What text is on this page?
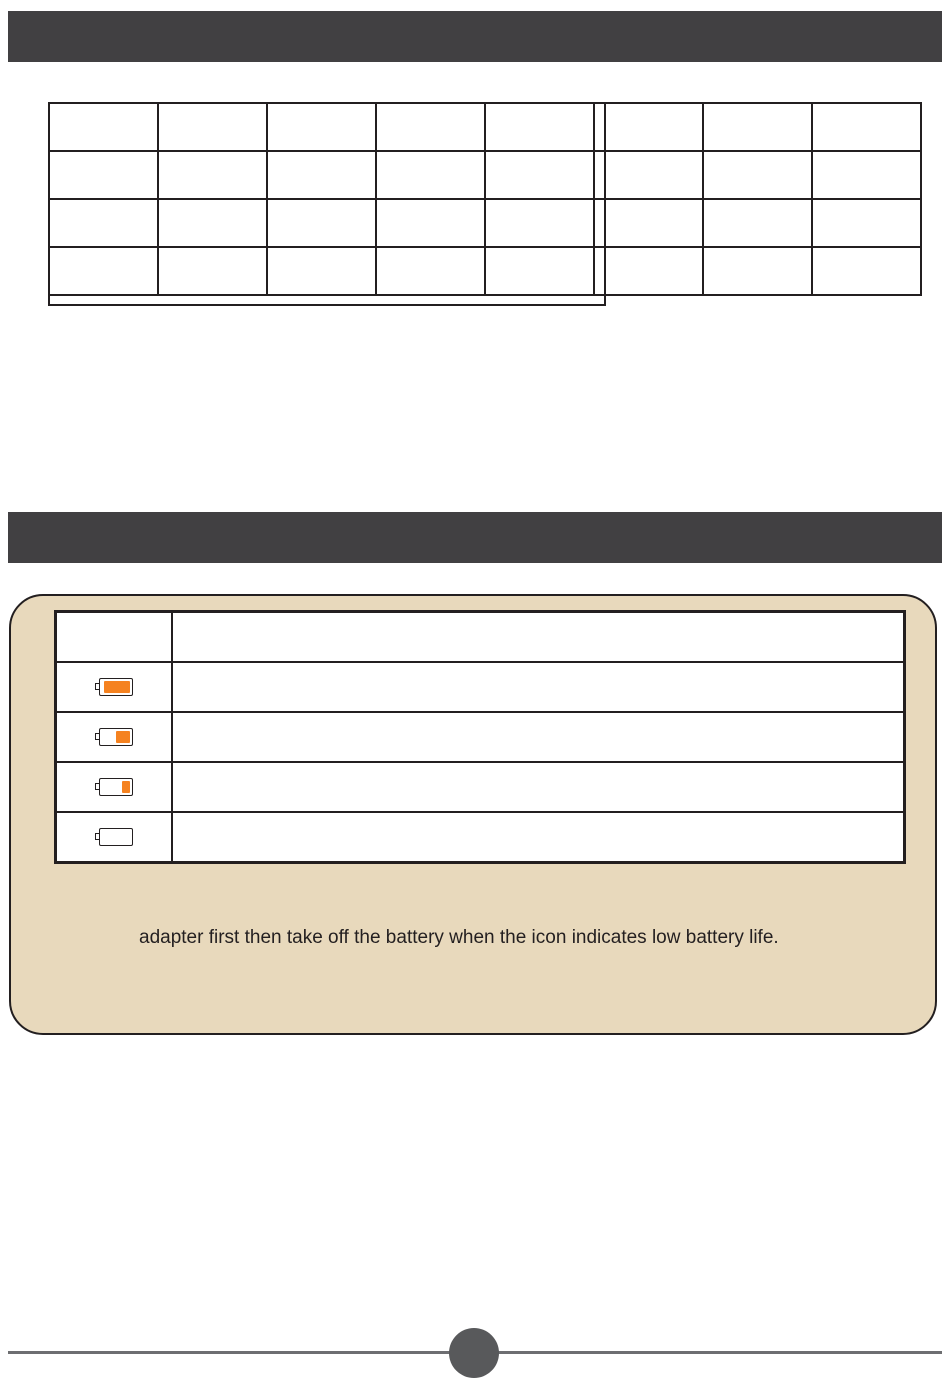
adapter first then take off the battery when the icon indicates low battery life.
